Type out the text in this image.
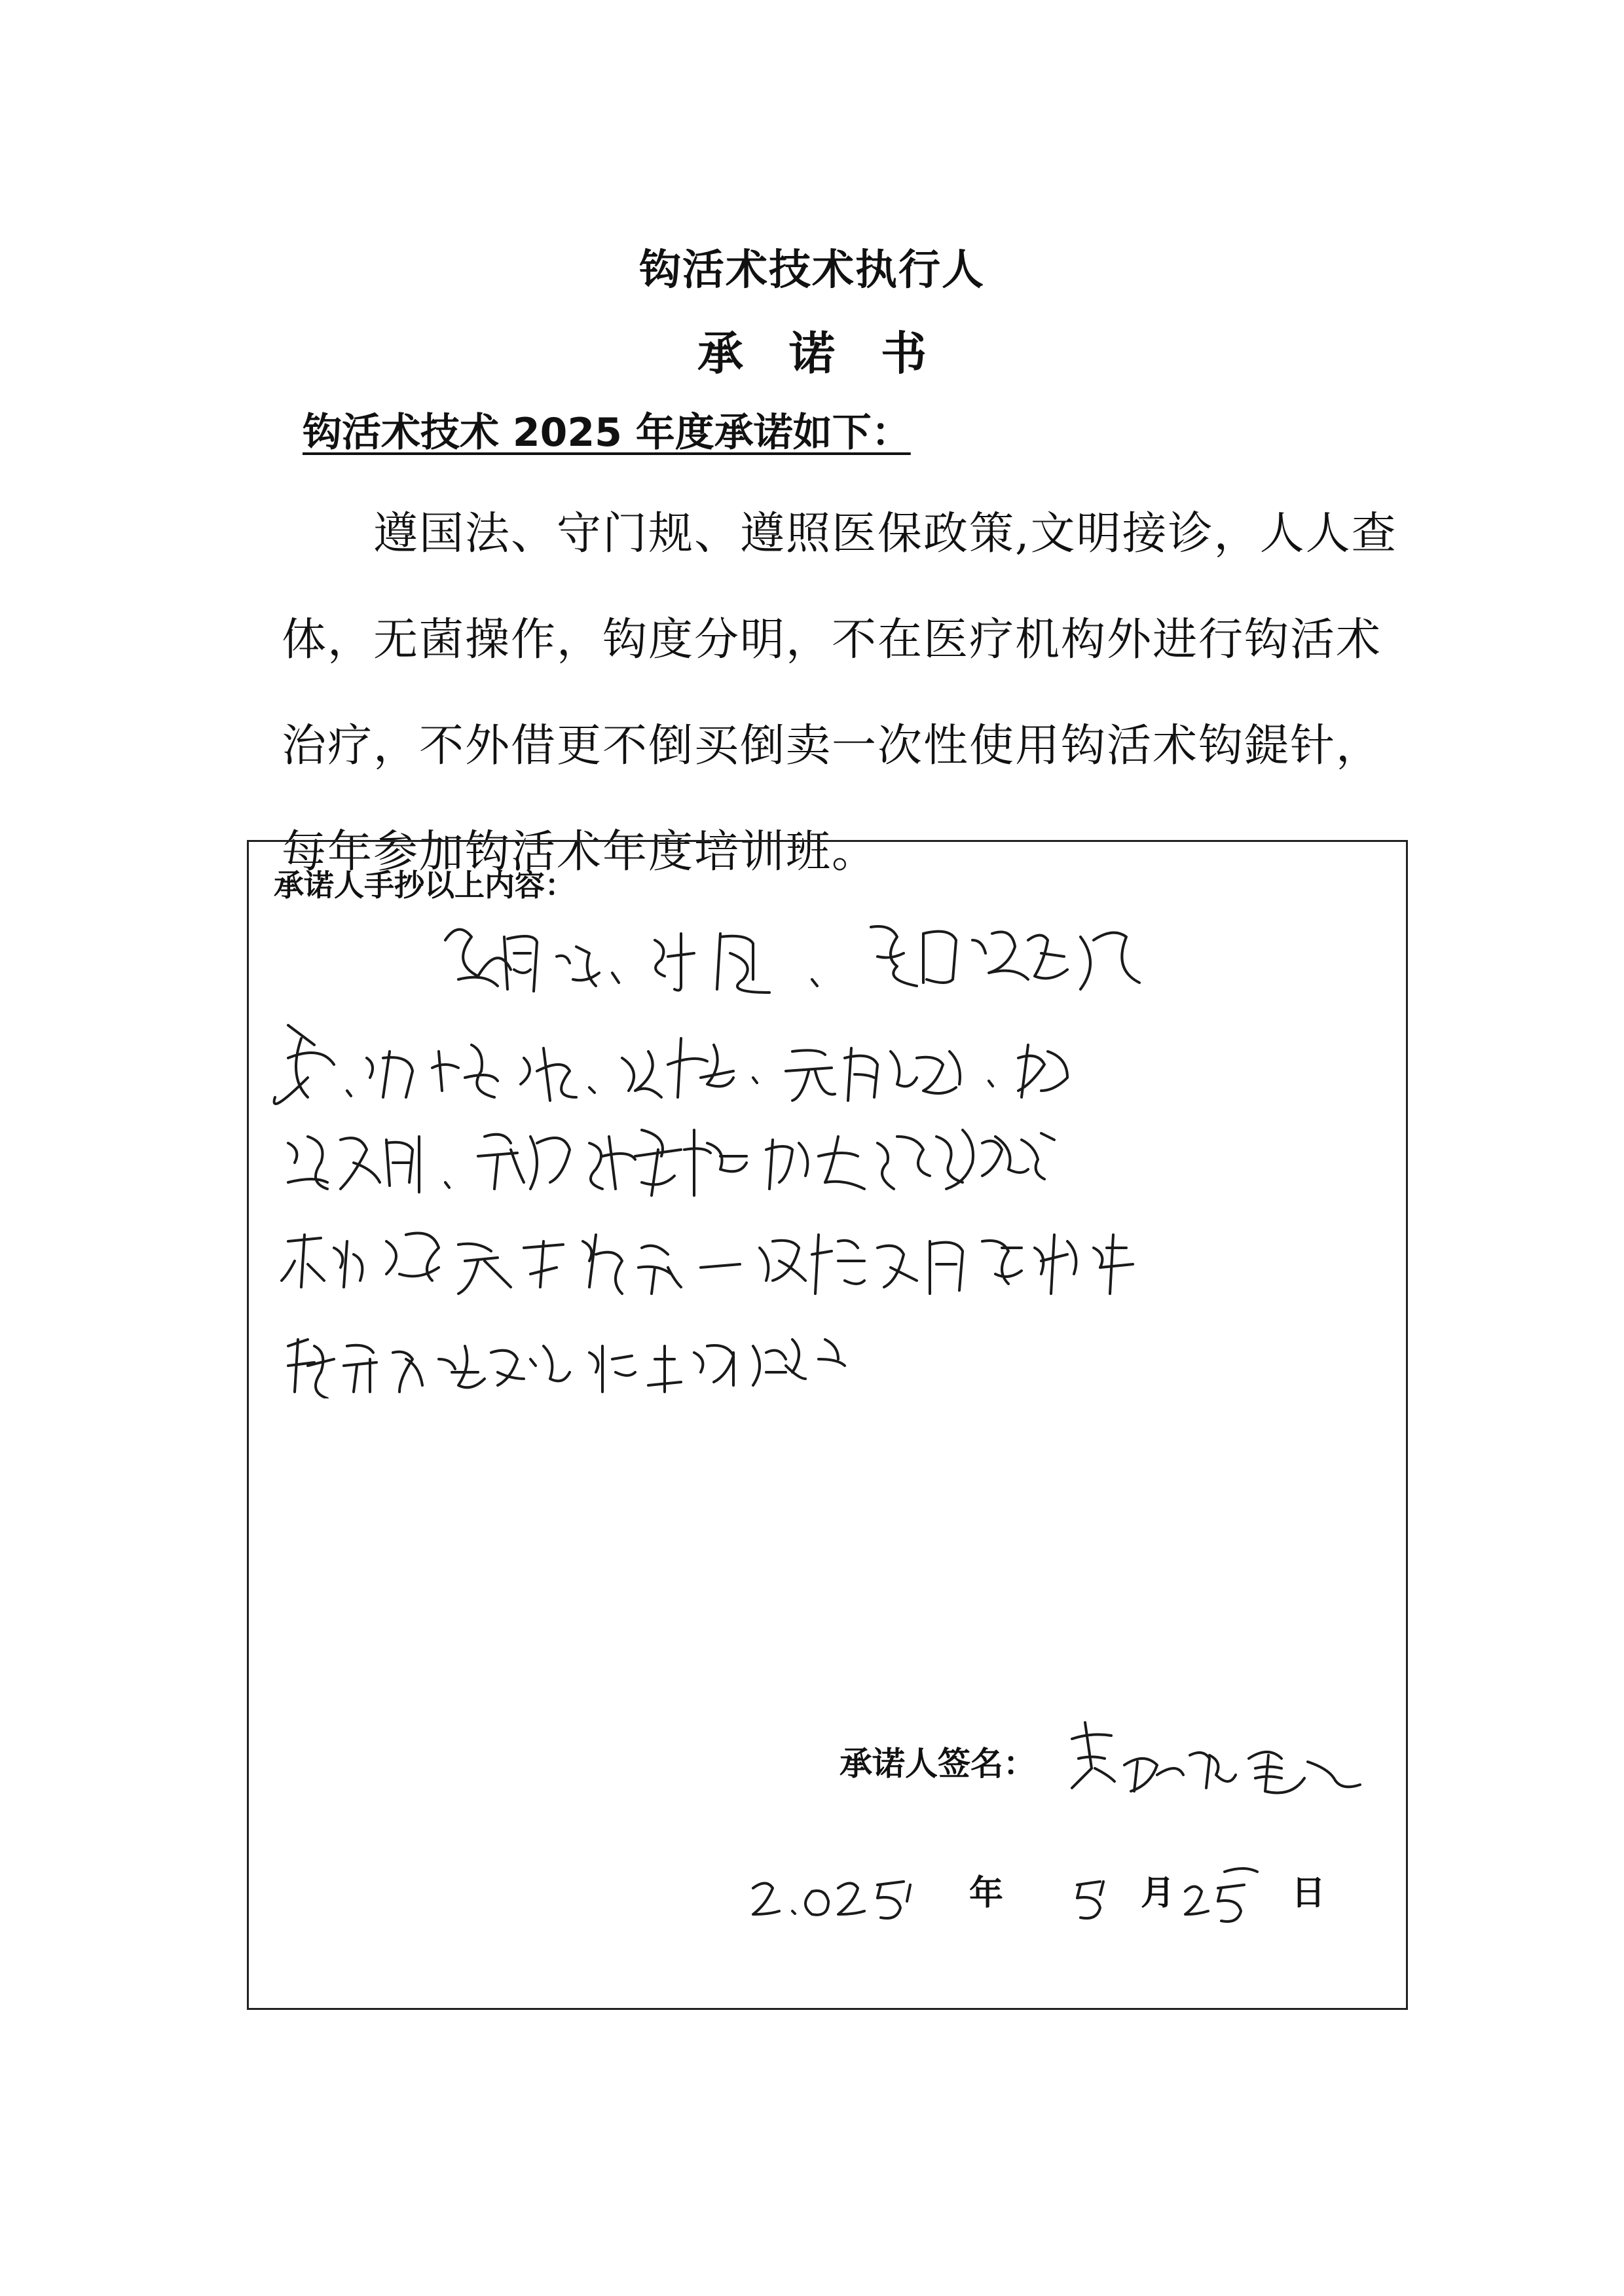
钩活术技术执行人
承诺书
钩活术技术 2025 年度承诺如下：
遵国法、守门规、遵照医保政策,文明接诊，人人查体，无菌操作，钩度分明，不在医疗机构外进行钩活术治疗，不外借更不倒买倒卖一次性使用钩活术钩鍉针，每年参加钩活术年度培训班。
承诺人手抄以上内容：
承诺人签名：
年	月	日
